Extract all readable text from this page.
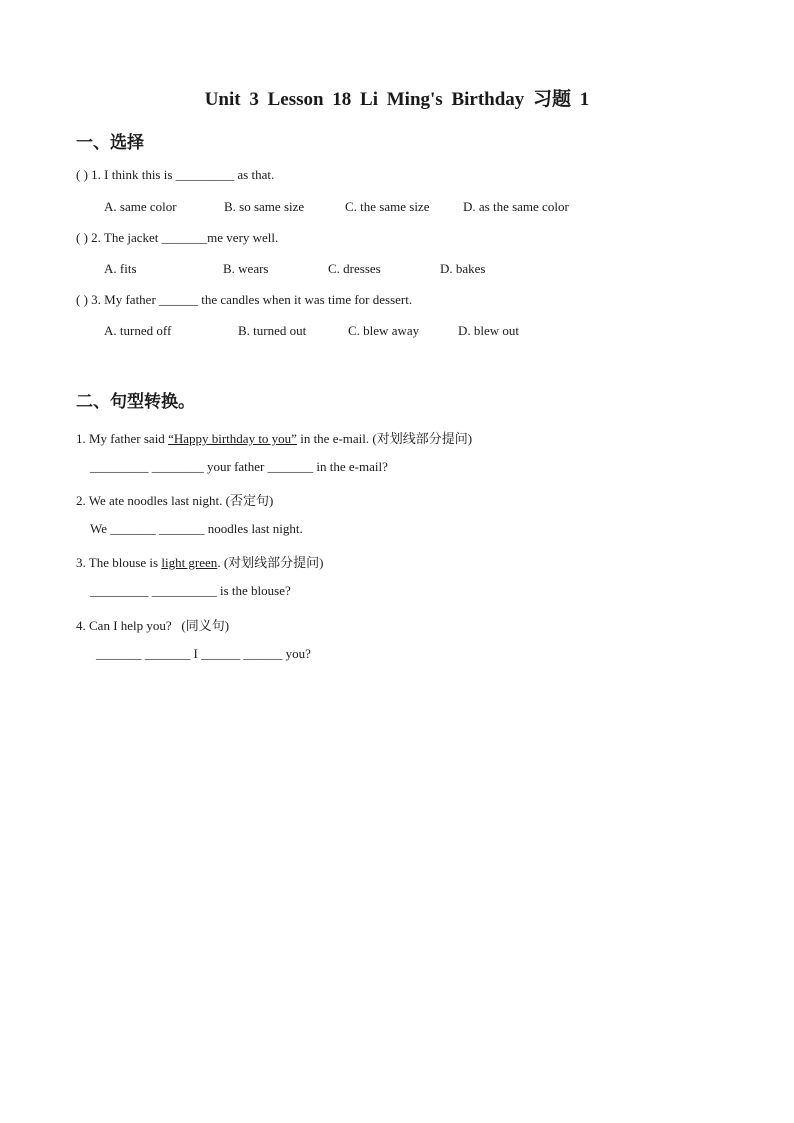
Unit 3 Lesson 18 Li Ming's Birthday 习题 1
一、选择
( ) 1. I think this is _________ as that.
A. same color	B. so same size	C. the same size	D. as the same color
( ) 2. The jacket _______me very well.
A. fits	B. wears	C. dresses	D. bakes
( ) 3. My father ______ the candles when it was time for dessert.
A. turned off	B. turned out	C. blew away	D. blew out
二、句型转换。
1. My father said “Happy birthday to you” in the e-mail. (对划线部分提问)
_________ ________ your father _______ in the e-mail?
2. We ate noodles last night. (否定句)
We _______ _______ noodles last night.
3. The blouse is light green. (对划线部分提问)
_________ __________ is the blouse?
4. Can I help you?   (同义句)
_______ _______ I ______ ______ you?
